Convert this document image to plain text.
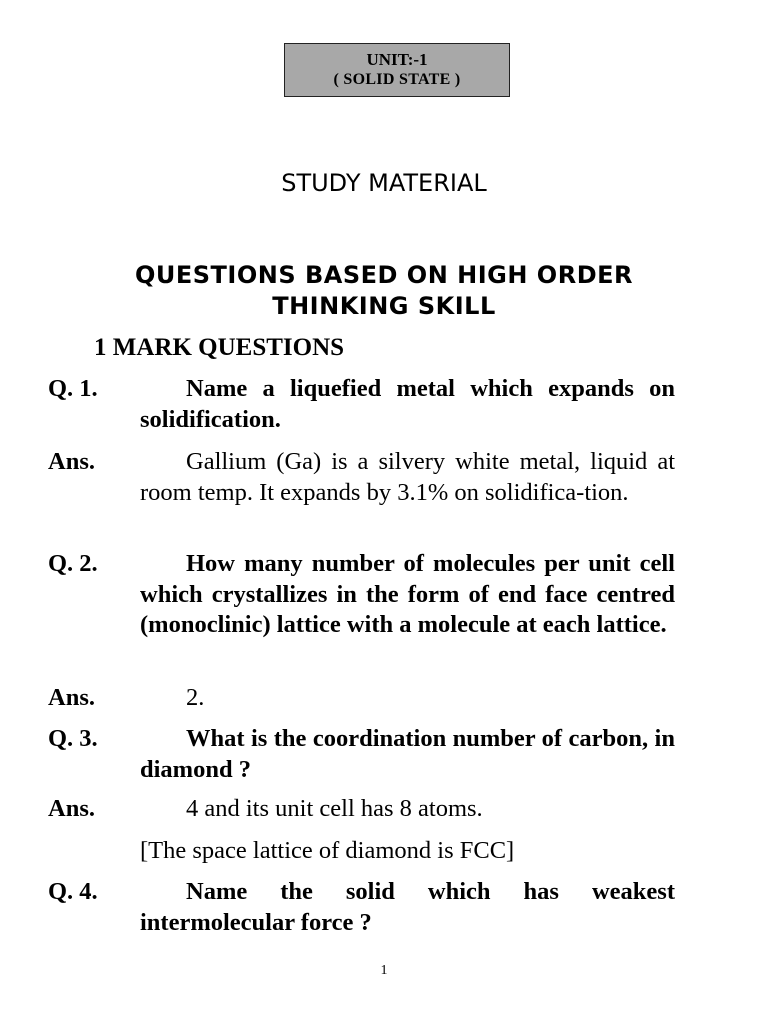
UNIT:-1
( SOLID STATE )
STUDY MATERIAL
QUESTIONS BASED ON HIGH ORDER THINKING SKILL
1 MARK QUESTIONS
Q. 1.	Name a liquefied metal which expands on solidification.
Ans.	Gallium (Ga) is a silvery white metal, liquid at room temp. It expands by 3.1% on solidifica-tion.
Q. 2.	How many number of molecules per unit cell which crystallizes in the form of end face centred (monoclinic) lattice with a molecule at each lattice.
Ans.	2.
Q. 3.	What is the coordination number of carbon, in diamond ?
Ans.	4 and its unit cell has 8 atoms.
[The space lattice of diamond is FCC]
Q. 4.	Name the solid which has weakest intermolecular force ?
1
